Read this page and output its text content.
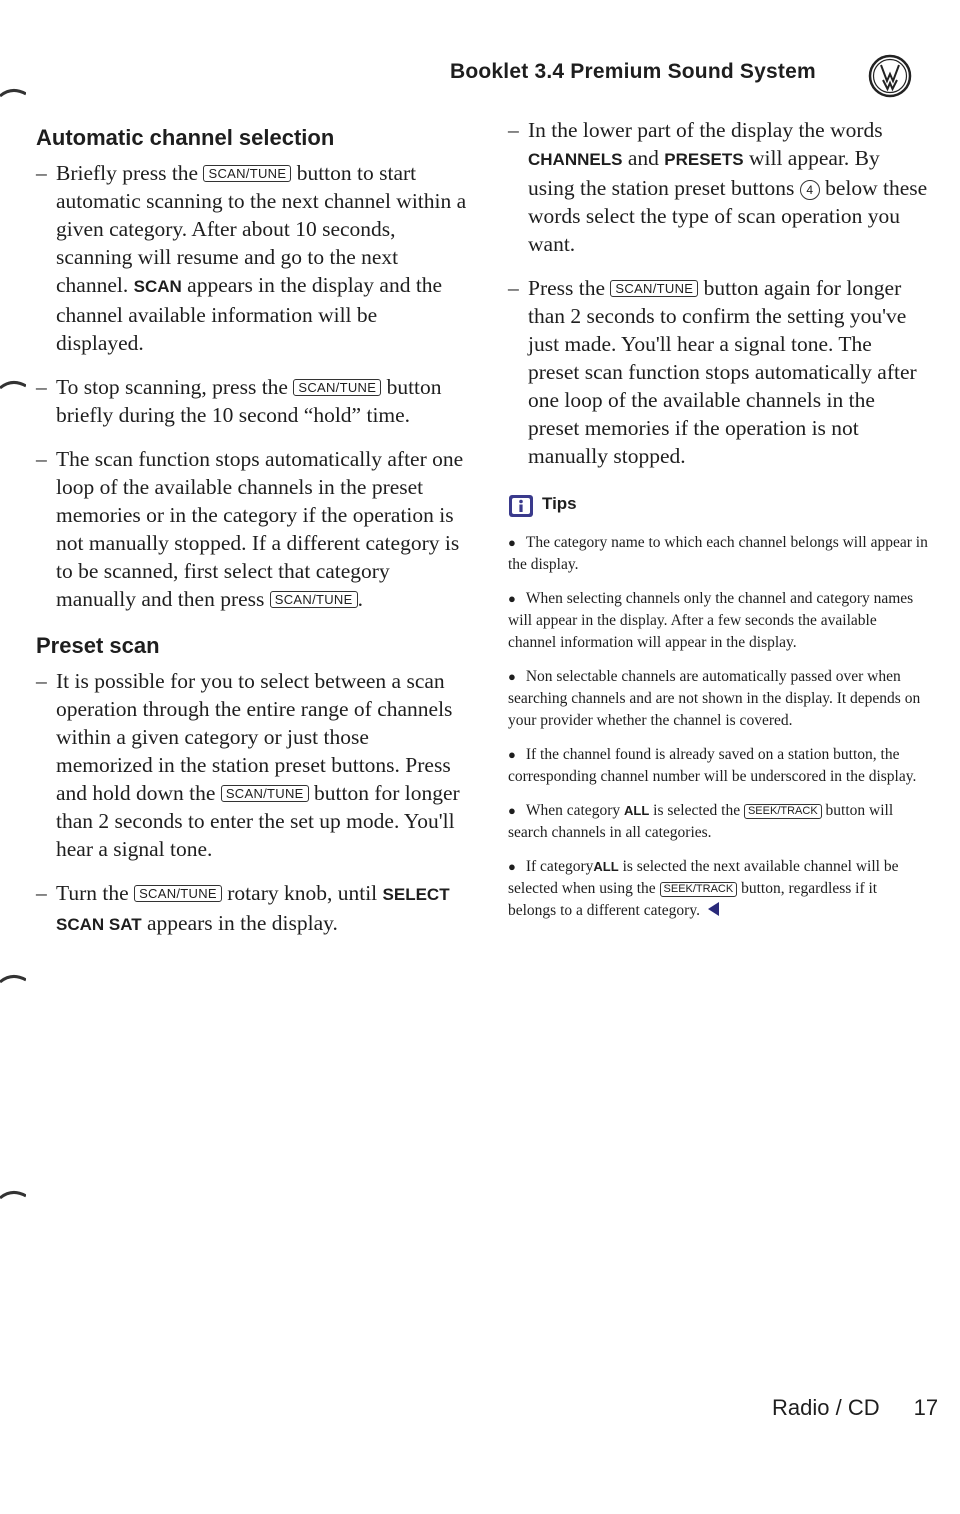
Booklet 3.4 Premium Sound System
Automatic channel selection

– Briefly press the SCAN/TUNE button to start automatic scanning to the next channel within a given category. After about 10 seconds, scanning will resume and go to the next channel. SCAN appears in the display and the channel available information will be displayed.

– To stop scanning, press the SCAN/TUNE button briefly during the 10 second “hold” time.

– The scan function stops automatically after one loop of the available channels in the preset memories or in the category if the operation is not manually stopped. If a different category is to be scanned, first select that category manually and then press SCAN/TUNE .

Preset scan

– It is possible for you to select between a scan operation through the entire range of channels within a given category or just those memorized in the station preset buttons. Press and hold down the SCAN/TUNE button for longer than 2 seconds to enter the set up mode. You'll hear a signal tone.

– Turn the SCAN/TUNE rotary knob, until SELECT SCAN SAT appears in the display.

– In the lower part of the display the words CHANNELS and PRESETS will appear. By using the station preset buttons 4 below these words select the type of scan operation you want.

– Press the SCAN/TUNE button again for longer than 2 seconds to confirm the setting you've just made. You'll hear a signal tone. The preset scan function stops automatically after one loop of the available channels in the preset memories if the operation is not manually stopped.

Tips

● The category name to which each channel belongs will appear in the display.

● When selecting channels only the channel and category names will appear in the display. After a few seconds the available channel information will appear in the display.

● Non selectable channels are automatically passed over when searching channels and are not shown in the display. It depends on your provider whether the channel is covered.

● If the channel found is already saved on a station button, the corresponding channel number will be underscored in the display.

● When category ALL is selected the SEEK/TRACK button will search channels in all categories.

● If categoryALL is selected the next available channel will be selected when using the SEEK/TRACK button, regardless if it belongs to a different category.

Radio / CD 17
